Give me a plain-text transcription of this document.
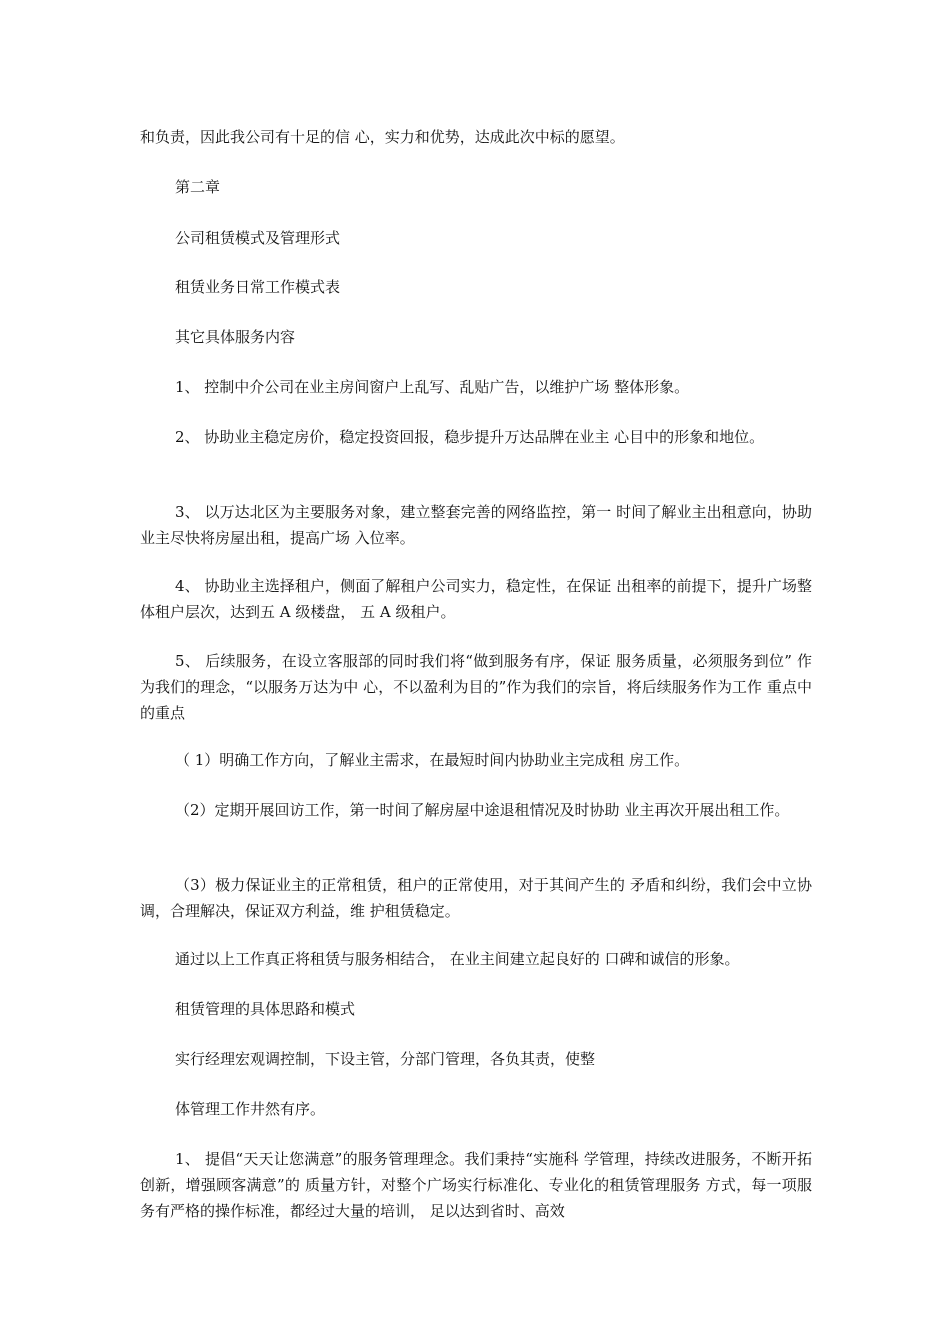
和负责，因此我公司有十足的信 心，实力和优势，达成此次中标的愿望。

第二章

公司租赁模式及管理形式

租赁业务日常工作模式表

其它具体服务内容

1、 控制中介公司在业主房间窗户上乱写、乱贴广告，以维护广场 整体形象。

2、 协助业主稳定房价，稳定投资回报，稳步提升万达品牌在业主 心目中的形象和地位。

3、 以万达北区为主要服务对象，建立整套完善的网络监控，第一 时间了解业主出租意向，协助业主尽快将房屋出租，提高广场 入位率。

4、 协助业主选择租户，侧面了解租户公司实力，稳定性，在保证 出租率的前提下，提升广场整体租户层次，达到五 A 级楼盘， 五 A 级租户。

5、 后续服务，在设立客服部的同时我们将“做到服务有序，保证 服务质量，必须服务到位” 作为我们的理念，“以服务万达为中 心，不以盈利为目的”作为我们的宗旨，将后续服务作为工作 重点中的重点

（ 1）明确工作方向，了解业主需求，在最短时间内协助业主完成租 房工作。

（2）定期开展回访工作，第一时间了解房屋中途退租情况及时协助 业主再次开展出租工作。

（3）极力保证业主的正常租赁，租户的正常使用，对于其间产生的 矛盾和纠纷，我们会中立协调，合理解决，保证双方利益，维 护租赁稳定。

通过以上工作真正将租赁与服务相结合， 在业主间建立起良好的 口碑和诚信的形象。

租赁管理的具体思路和模式

实行经理宏观调控制，下设主管，分部门管理，各负其责，使整

体管理工作井然有序。

1、 提倡“天天让您满意”的服务管理理念。我们秉持“实施科 学管理，持续改进服务，不断开拓创新，增强顾客满意”的 质量方针，对整个广场实行标准化、专业化的租赁管理服务 方式，每一项服务有严格的操作标准，都经过大量的培训， 足以达到省时、高效
